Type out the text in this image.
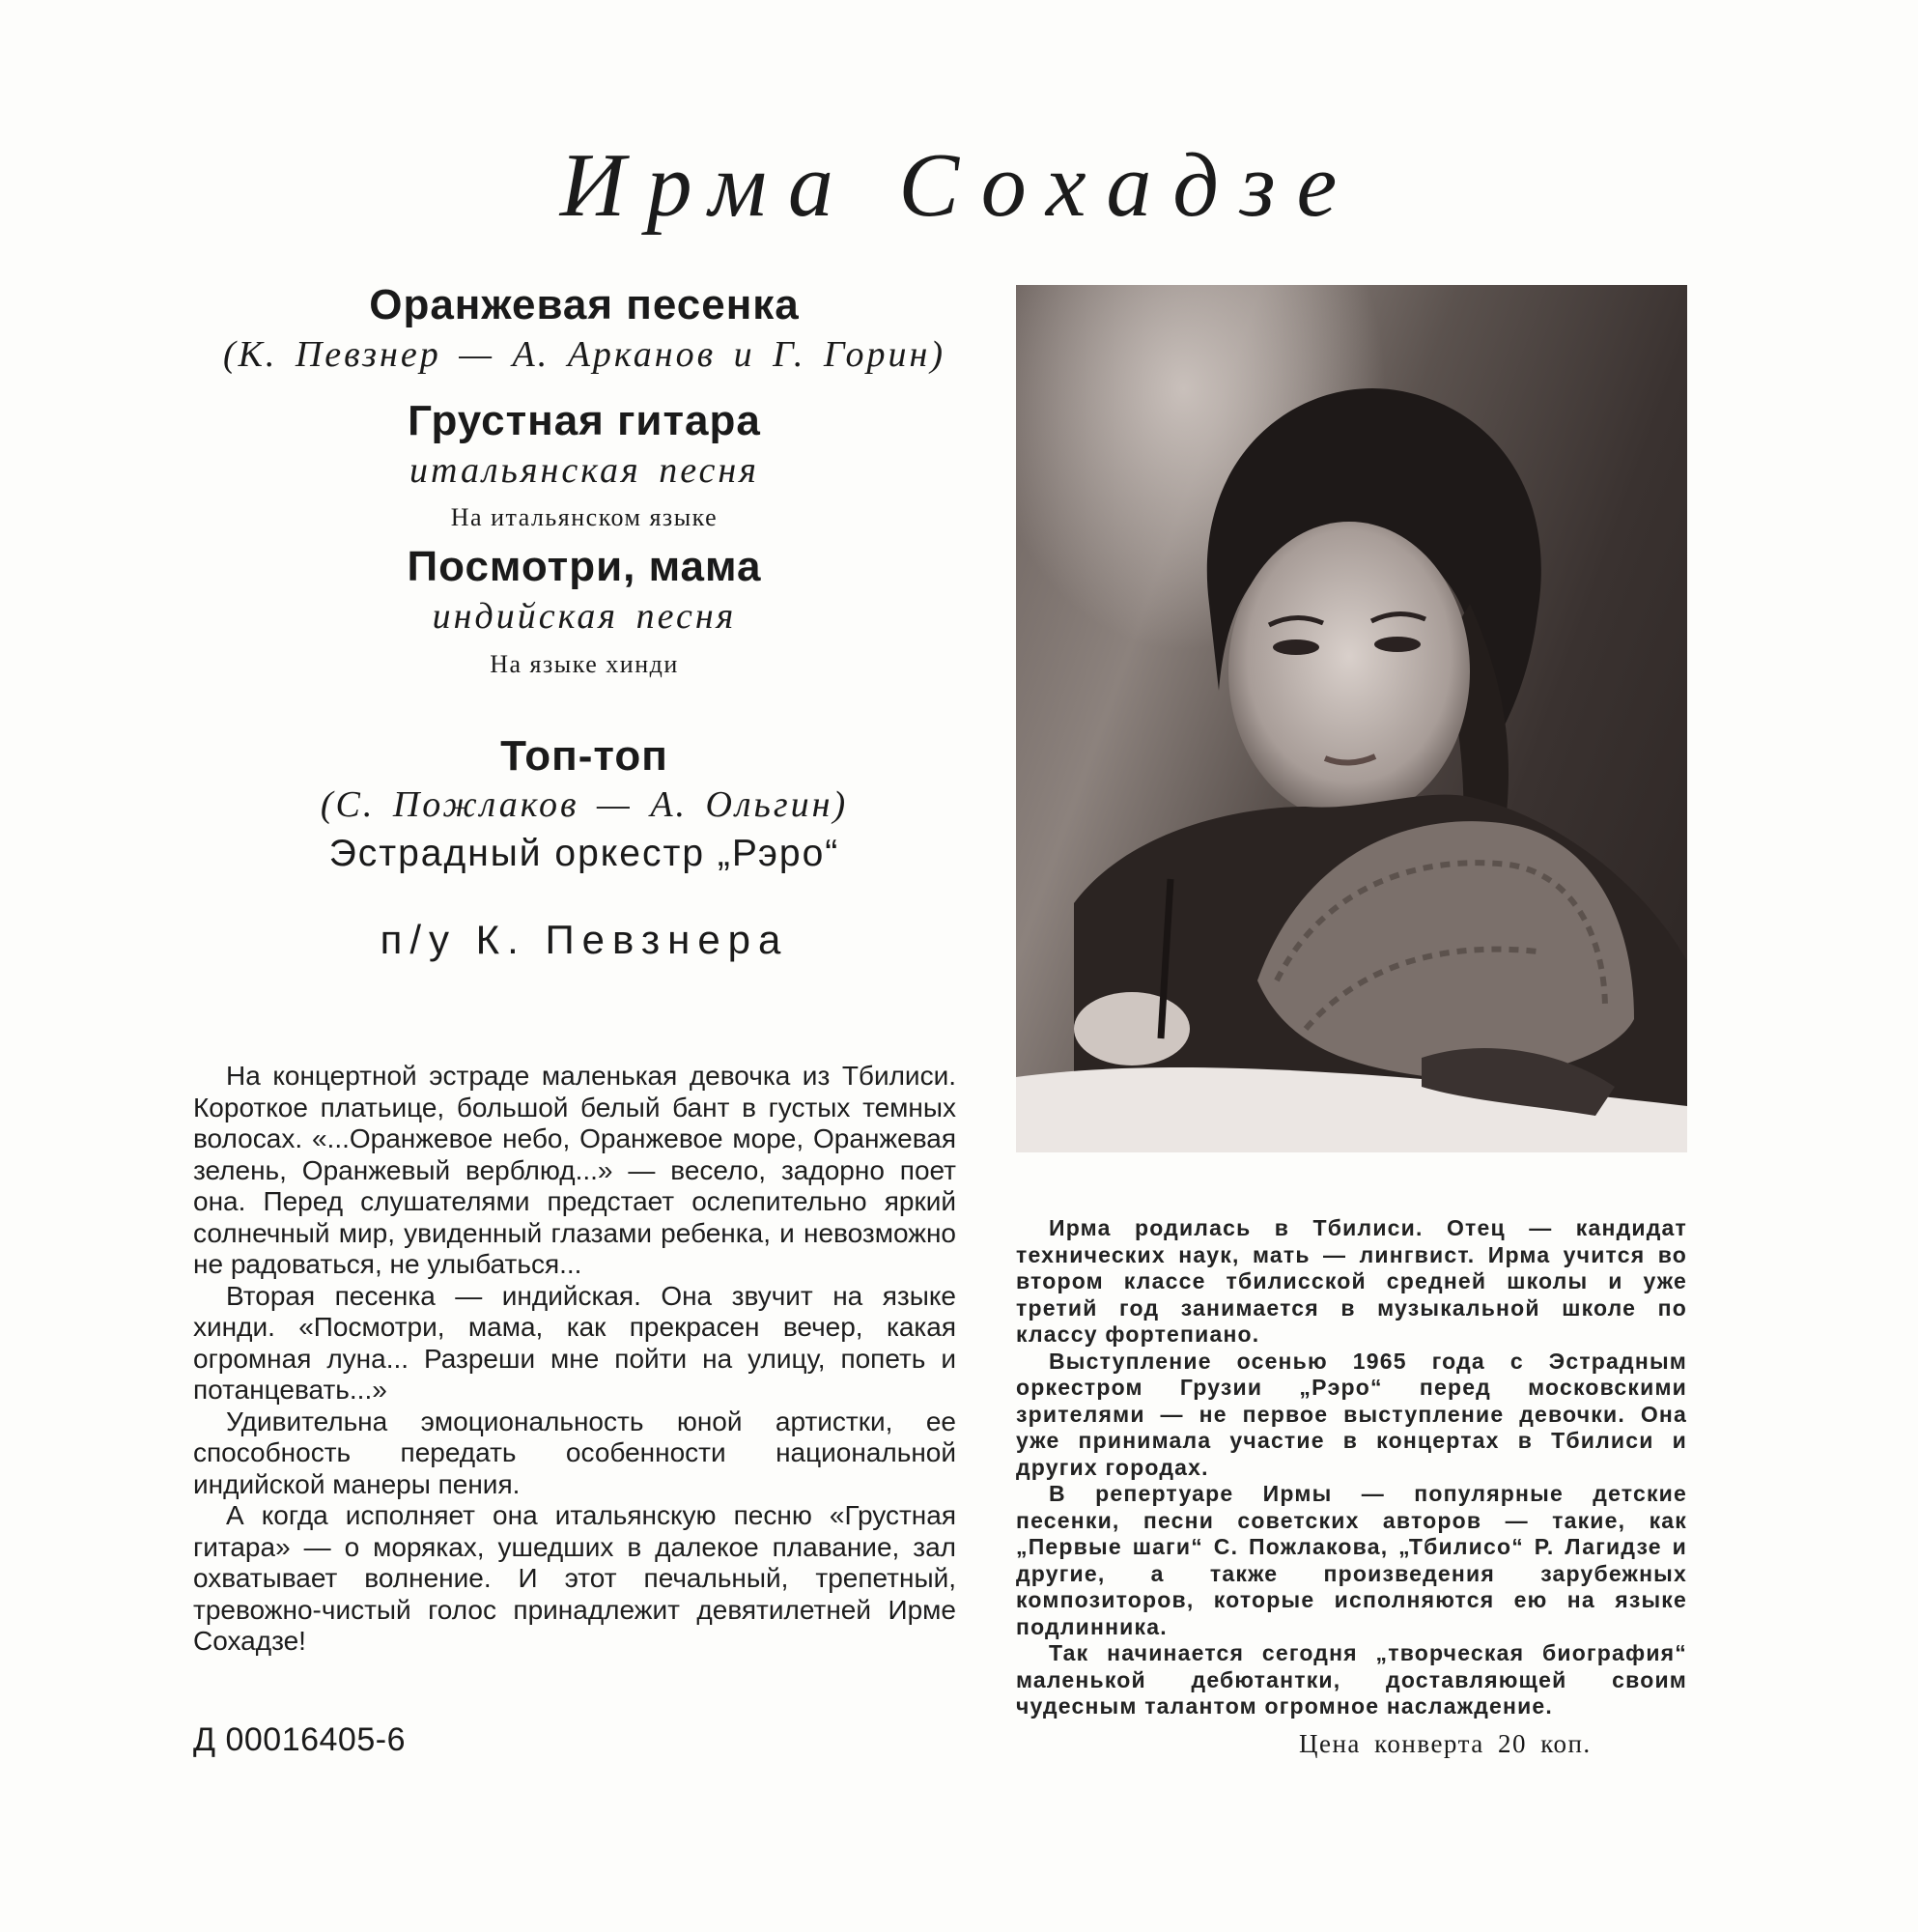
Ирма Сохадзе

Оранжевая песенка

(К. Певзнер — А. Арканов и Г. Горин)

Грустная гитара

итальянская песня

На итальянском языке

Посмотри, мама

индийская песня

На языке хинди

Топ-топ

(С. Пожлаков — А. Ольгин)

Эстрадный оркестр „Рэро“

п/у К. Певзнера

На концертной эстраде маленькая девочка из Тбилиси. Короткое платьице, большой белый бант в густых темных волосах. «...Оранжевое небо, Оранжевое море, Оранжевая зелень, Оранжевый верблюд...» — весело, задорно поет она. Перед слушателями предстает ослепительно яркий солнечный мир, увиденный глазами ребенка, и невозможно не радоваться, не улыбаться...

Вторая песенка — индийская. Она звучит на языке хинди. «Посмотри, мама, как прекрасен вечер, какая огромная луна... Разреши мне пойти на улицу, попеть и потанцевать...»

Удивительна эмоциональность юной артистки, ее способность передать особенности национальной индийской манеры пения.

А когда исполняет она итальянскую песню «Грустная гитара» — о моряках, ушедших в далекое плавание, зал охватывает волнение. И этот печальный, трепетный, тревожно-чистый голос принадлежит девятилетней Ирме Сохадзе!

Ирма родилась в Тбилиси. Отец — кандидат технических наук, мать — лингвист. Ирма учится во втором классе тбилисской средней школы и уже третий год занимается в музыкальной школе по классу фортепиано.

Выступление осенью 1965 года с Эстрадным оркестром Грузии „Рэро“ перед московскими зрителями — не первое выступление девочки. Она уже принимала участие в концертах в Тбилиси и других городах.

В репертуаре Ирмы — популярные детские песенки, песни советских авторов — такие, как „Первые шаги“ С. Пожлакова, „Тбилисо“ Р. Лагидзе и другие, а также произведения зарубежных композиторов, которые исполняются ею на языке подлинника.

Так начинается сегодня „творческая биография“ маленькой дебютантки, доставляющей своим чудесным талантом огромное наслаждение.

Д 00016405-6	Цена конверта 20 коп.
